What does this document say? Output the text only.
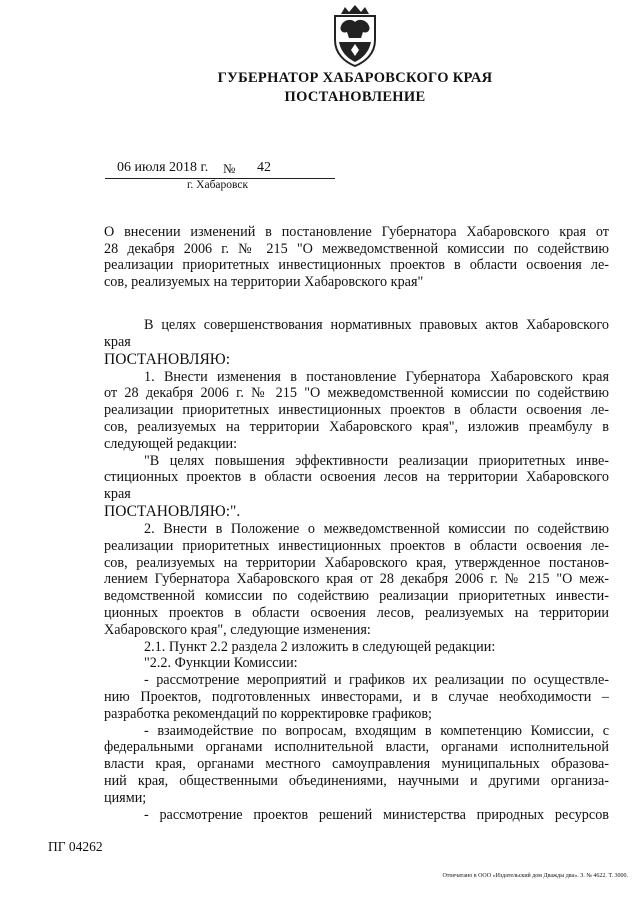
ГУБЕРНАТОР ХАБАРОВСКОГО КРАЯ
ПОСТАНОВЛЕНИЕ
06 июля 2018 г. № 42
г. Хабаровск
О внесении изменений в постановление Губернатора Хабаровского края от
28 декабря 2006 г. № 215 "О межведомственной комиссии по содействию
реализации приоритетных инвестиционных проектов в области освоения ле-
сов, реализуемых на территории Хабаровского края"
В целях совершенствования нормативных правовых актов Хабаровского
края
ПОСТАНОВЛЯЮ:
1. Внести изменения в постановление Губернатора Хабаровского края
от 28 декабря 2006 г. № 215 "О межведомственной комиссии по содействию
реализации приоритетных инвестиционных проектов в области освоения ле-
сов, реализуемых на территории Хабаровского края", изложив преамбулу в
следующей редакции:
"В целях повышения эффективности реализации приоритетных инве-
стиционных проектов в области освоения лесов на территории Хабаровского
края
ПОСТАНОВЛЯЮ:".
2. Внести в Положение о межведомственной комиссии по содействию
реализации приоритетных инвестиционных проектов в области освоения ле-
сов, реализуемых на территории Хабаровского края, утвержденное постанов-
лением Губернатора Хабаровского края от 28 декабря 2006 г. № 215 "О меж-
ведомственной комиссии по содействию реализации приоритетных инвести-
ционных проектов в области освоения лесов, реализуемых на территории
Хабаровского края", следующие изменения:
2.1. Пункт 2.2 раздела 2 изложить в следующей редакции:
"2.2. Функции Комиссии:
- рассмотрение мероприятий и графиков их реализации по осуществле-
нию Проектов, подготовленных инвесторами, и в случае необходимости –
разработка рекомендаций по корректировке графиков;
- взаимодействие по вопросам, входящим в компетенцию Комиссии, с
федеральными органами исполнительной власти, органами исполнительной
власти края, органами местного самоуправления муниципальных образова-
ний края, общественными объединениями, научными и другими организа-
циями;
- рассмотрение проектов решений министерства природных ресурсов
ПГ 04262
Отпечатано в ООО «Издательский дом Дважды два». З. № 4622. Т. 3000.
